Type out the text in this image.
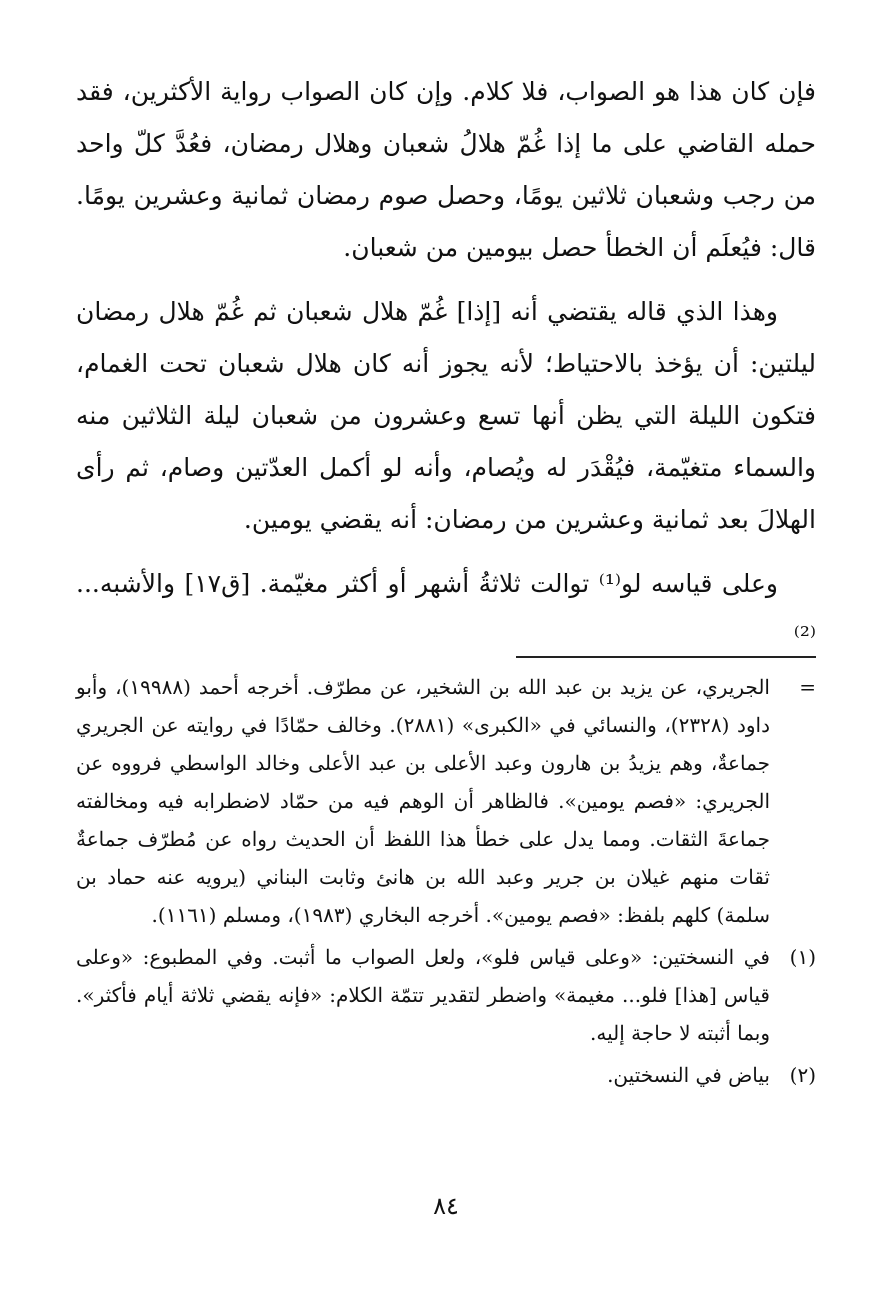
فإن كان هذا هو الصواب، فلا كلام. وإن كان الصواب رواية الأكثرين، فقد حمله القاضي على ما إذا غُمّ هلالُ شعبان وهلال رمضان، فعُدَّ كلّ واحد من رجب وشعبان ثلاثين يومًا، وحصل صوم رمضان ثمانية وعشرين يومًا. قال: فيُعلَم أن الخطأ حصل بيومين من شعبان.

وهذا الذي قاله يقتضي أنه [إذا] غُمّ هلال شعبان ثم غُمّ هلال رمضان ليلتين: أن يؤخذ بالاحتياط؛ لأنه يجوز أنه كان هلال شعبان تحت الغمام، فتكون الليلة التي يظن أنها تسع وعشرون من شعبان ليلة الثلاثين منه والسماء متغيّمة، فيُقْدَر له ويُصام، وأنه لو أكمل العدّتين وصام، ثم رأى الهلالَ بعد ثمانية وعشرين من رمضان: أنه يقضي يومين.

وعلى قياسه لو⁽¹⁾ توالت ثلاثةُ أشهر أو أكثر مغيّمة. [ق١٧] والأشبه...⁽²⁾

=
الجريري، عن يزيد بن عبد الله بن الشخير، عن مطرّف. أخرجه أحمد (١٩٩٨٨)، وأبو داود (٢٣٢٨)، والنسائي في «الكبرى» (٢٨٨١). وخالف حمّادًا في روايته عن الجريري جماعةٌ، وهم يزيدُ بن هارون وعبد الأعلى بن عبد الأعلى وخالد الواسطي فرووه عن الجريري: «فصم يومين». فالظاهر أن الوهم فيه من حمّاد لاضطرابه فيه ومخالفته جماعةَ الثقات. ومما يدل على خطأ هذا اللفظ أن الحديث رواه عن مُطرّف جماعةٌ ثقات منهم غيلان بن جرير وعبد الله بن هانئ وثابت البناني (يرويه عنه حماد بن سلمة) كلهم بلفظ: «فصم يومين». أخرجه البخاري (١٩٨٣)، ومسلم (١١٦١).
(١)
في النسختين: «وعلى قياس فلو»، ولعل الصواب ما أثبت. وفي المطبوع: «وعلى قياس [هذا] فلو... مغيمة» واضطر لتقدير تتمّة الكلام: «فإنه يقضي ثلاثة أيام فأكثر». وبما أثبته لا حاجة إليه.
(٢)
بياض في النسختين.
٨٤
